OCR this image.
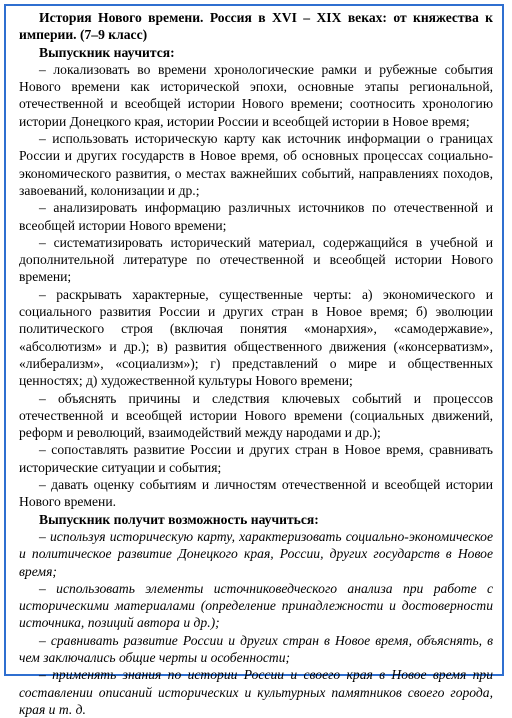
История Нового времени. Россия в XVI – XIX веках: от княжества к империи. (7–9 класс)

Выпускник научится:

– локализовать во времени хронологические рамки и рубежные события Нового времени как исторической эпохи, основные этапы региональной, отечественной и всеобщей истории Нового времени; соотносить хронологию истории Донецкого края, истории России и всеобщей истории в Новое время;

– использовать историческую карту как источник информации о границах России и других государств в Новое время, об основных процессах социально-экономического развития, о местах важнейших событий, направлениях походов, завоеваний, колонизации и др.;

– анализировать информацию различных источников по отечественной и всеобщей истории Нового времени;

– систематизировать исторический материал, содержащийся в учебной и дополнительной литературе по отечественной и всеобщей истории Нового времени;

– раскрывать характерные, существенные черты: а) экономического и социального развития России и других стран в Новое время; б) эволюции политического строя (включая понятия «монархия», «самодержавие», «абсолютизм» и др.); в) развития общественного движения («консерватизм», «либерализм», «социализм»); г) представлений о мире и общественных ценностях; д) художественной культуры Нового времени;

– объяснять причины и следствия ключевых событий и процессов отечественной и всеобщей истории Нового времени (социальных движений, реформ и революций, взаимодействий между народами и др.);

– сопоставлять развитие России и других стран в Новое время, сравнивать исторические ситуации и события;

– давать оценку событиям и личностям отечественной и всеобщей истории Нового времени.

Выпускник получит возможность научиться:

– используя историческую карту, характеризовать социально-экономическое и политическое развитие Донецкого края, России, других государств в Новое время;

– использовать элементы источниковедческого анализа при работе с историческими материалами (определение принадлежности и достоверности источника, позиций автора и др.);

– сравнивать развитие России и других стран в Новое время, объяснять, в чем заключались общие черты и особенности;

– применять знания по истории России и своего края в Новое время при составлении описаний исторических и культурных памятников своего города, края и т. д.
